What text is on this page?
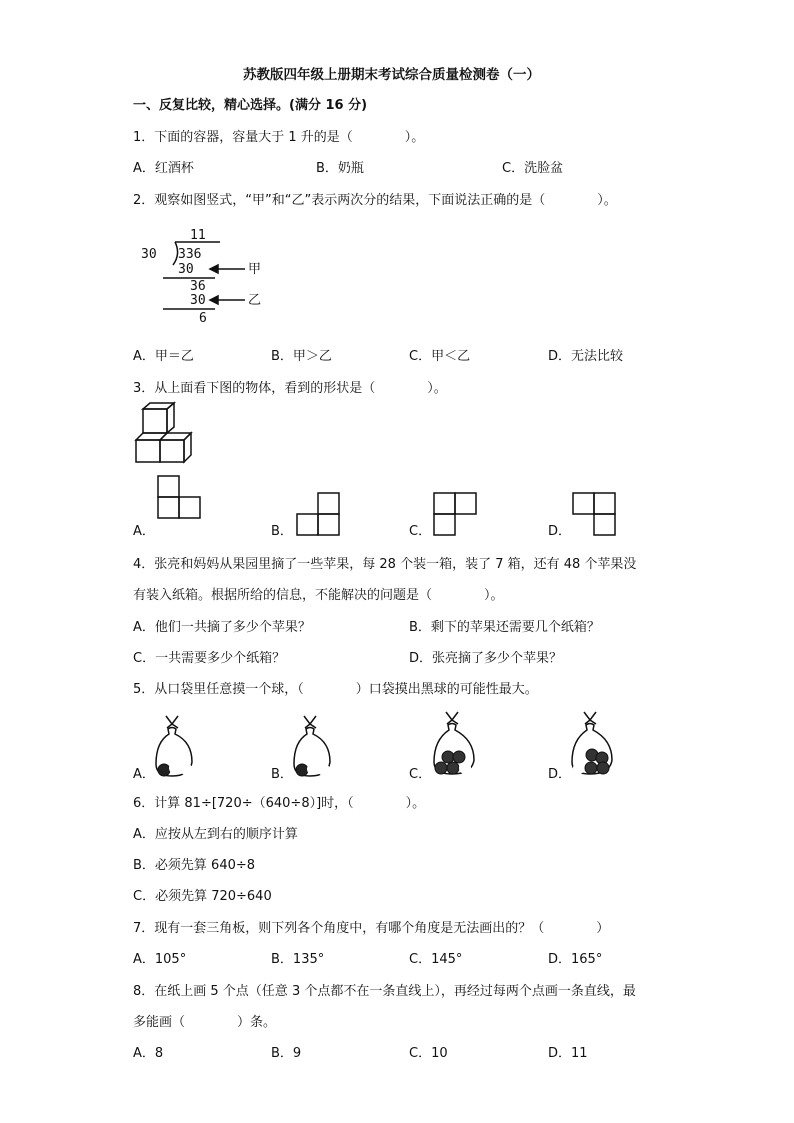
苏教版四年级上册期末考试综合质量检测卷（一）
一、反复比较，精心选择。(满分 16 分)
1．下面的容器，容量大于 1 升的是（　　　　）。
A．红酒杯	B．奶瓶	C．洗脸盆
2．观察如图竖式，“甲”和“乙”表示两次分的结果，下面说法正确的是（　　　　）。
11
30 336
30	甲
36
30	乙
6
A．甲＝乙	B．甲＞乙	C．甲＜乙	D．无法比较
3．从上面看下图的物体，看到的形状是（　　　　）。
A．	B．	C．	D．
4．张亮和妈妈从果园里摘了一些苹果，每 28 个装一箱，装了 7 箱，还有 48 个苹果没
有装入纸箱。根据所给的信息，不能解决的问题是（　　　　）。
A．他们一共摘了多少个苹果？	B．剩下的苹果还需要几个纸箱？
C．一共需要多少个纸箱？	D．张亮摘了多少个苹果？
5．从口袋里任意摸一个球，（　　　　）口袋摸出黑球的可能性最大。
A．	B．	C．	D．
6．计算 81÷[720÷（640÷8）]时，（　　　　）。
A．应按从左到右的顺序计算
B．必须先算 640÷8
C．必须先算 720÷640
7．现有一套三角板，则下列各个角度中，有哪个角度是无法画出的？（　　　　）
A．105°	B．135°	C．145°	D．165°
8．在纸上画 5 个点（任意 3 个点都不在一条直线上），再经过每两个点画一条直线，最
多能画（　　　　）条。
A．8	B．9	C．10	D．11
